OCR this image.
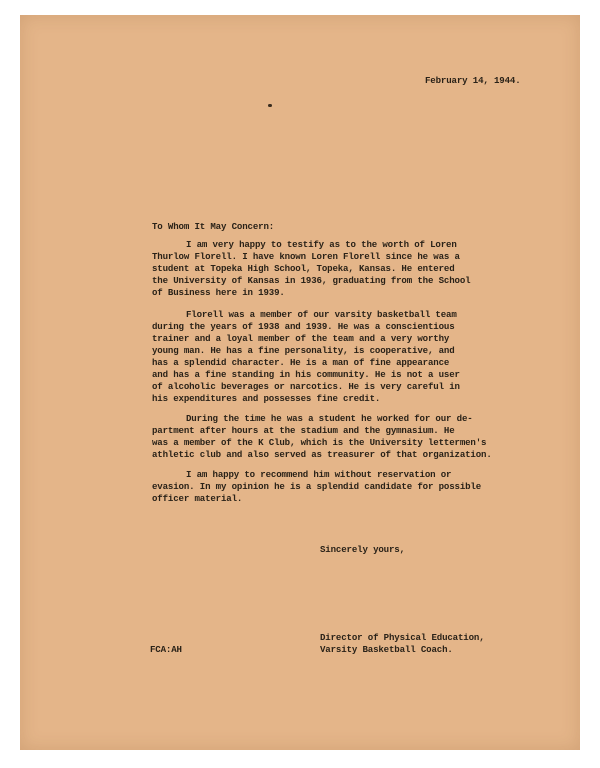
February 14, 1944.
To Whom It May Concern:
I am very happy to testify as to the worth of Loren
Thurlow Florell. I have known Loren Florell since he was a
student at Topeka High School, Topeka, Kansas. He entered
the University of Kansas in 1936, graduating from the School
of Business here in 1939.
Florell was a member of our varsity basketball team
during the years of 1938 and 1939. He was a conscientious
trainer and a loyal member of the team and a very worthy
young man. He has a fine personality, is cooperative, and
has a splendid character. He is a man of fine appearance
and has a fine standing in his community. He is not a user
of alcoholic beverages or narcotics. He is very careful in
his expenditures and possesses fine credit.
During the time he was a student he worked for our de-
partment after hours at the stadium and the gymnasium. He
was a member of the K Club, which is the University lettermen's
athletic club and also served as treasurer of that organization.
I am happy to recommend him without reservation or
evasion. In my opinion he is a splendid candidate for possible
officer material.
Sincerely yours,
Director of Physical Education,
Varsity Basketball Coach.
FCA:AH
